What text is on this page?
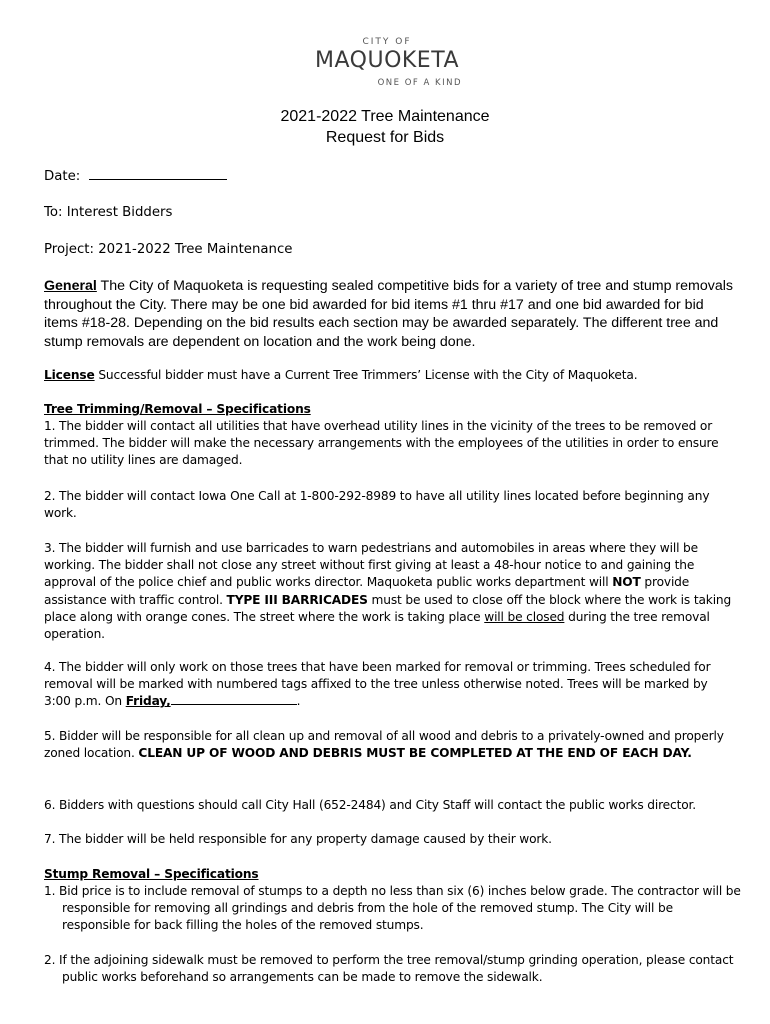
CITY OF
MAQUOKETA
ONE OF A KIND
2021-2022 Tree Maintenance
Request for Bids
Date:
To: Interest Bidders
Project: 2021-2022 Tree Maintenance
General The City of Maquoketa is requesting sealed competitive bids for a variety of tree and stump removals throughout the City. There may be one bid awarded for bid items #1 thru #17 and one bid awarded for bid items #18-28. Depending on the bid results each section may be awarded separately. The different tree and stump removals are dependent on location and the work being done.
License Successful bidder must have a Current Tree Trimmers’ License with the City of Maquoketa.
Tree Trimming/Removal – Specifications
1. The bidder will contact all utilities that have overhead utility lines in the vicinity of the trees to be removed or trimmed. The bidder will make the necessary arrangements with the employees of the utilities in order to ensure that no utility lines are damaged.
2. The bidder will contact Iowa One Call at 1-800-292-8989 to have all utility lines located before beginning any work.
3. The bidder will furnish and use barricades to warn pedestrians and automobiles in areas where they will be working. The bidder shall not close any street without first giving at least a 48-hour notice to and gaining the approval of the police chief and public works director. Maquoketa public works department will NOT provide assistance with traffic control. TYPE III BARRICADES must be used to close off the block where the work is taking place along with orange cones. The street where the work is taking place will be closed during the tree removal operation.
4. The bidder will only work on those trees that have been marked for removal or trimming. Trees scheduled for removal will be marked with numbered tags affixed to the tree unless otherwise noted. Trees will be marked by 3:00 p.m. On Friday,	.
5. Bidder will be responsible for all clean up and removal of all wood and debris to a privately-owned and properly zoned location. CLEAN UP OF WOOD AND DEBRIS MUST BE COMPLETED AT THE END OF EACH DAY.
6. Bidders with questions should call City Hall (652-2484) and City Staff will contact the public works director.
7. The bidder will be held responsible for any property damage caused by their work.
Stump Removal – Specifications
1. Bid price is to include removal of stumps to a depth no less than six (6) inches below grade. The contractor will be responsible for removing all grindings and debris from the hole of the removed stump. The City will be responsible for back filling the holes of the removed stumps.
2. If the adjoining sidewalk must be removed to perform the tree removal/stump grinding operation, please contact public works beforehand so arrangements can be made to remove the sidewalk.
